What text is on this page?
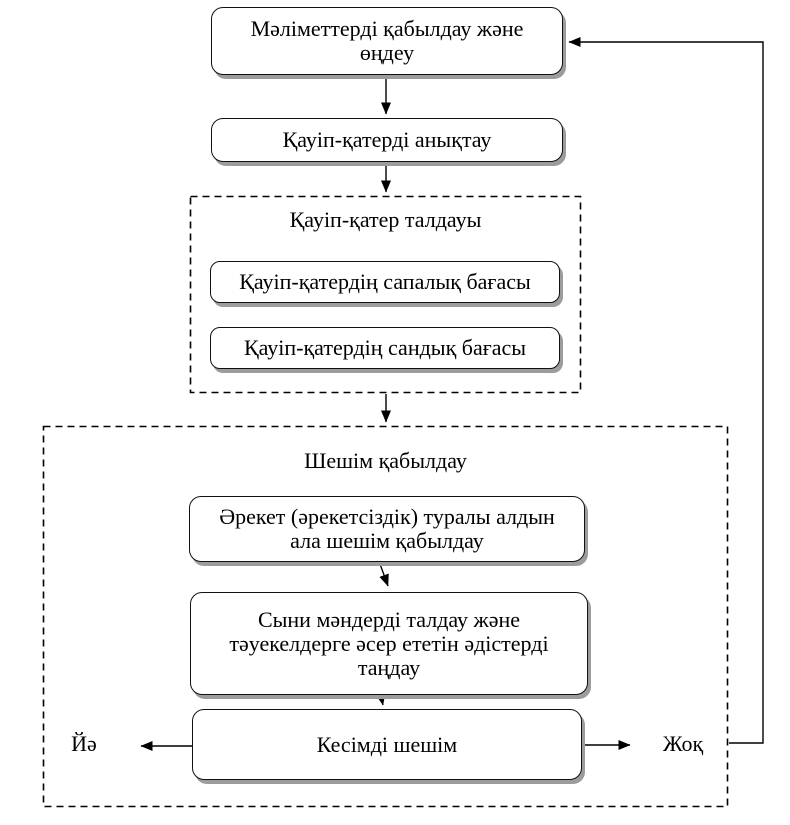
Мәліметтерді қабылдау және
өңдеу
Қауіп-қатерді анықтау
Қауіп-қатер талдауы
Қауіп-қатердің сапалық бағасы
Қауіп-қатердің сандық бағасы
Шешім қабылдау
Әрекет (әрекетсіздік) туралы алдын
ала шешім қабылдау
Сыни мәндерді талдау және
тәуекелдерге әсер ететін әдістерді
таңдау
Кесімді шешім
Йә	Жоқ
